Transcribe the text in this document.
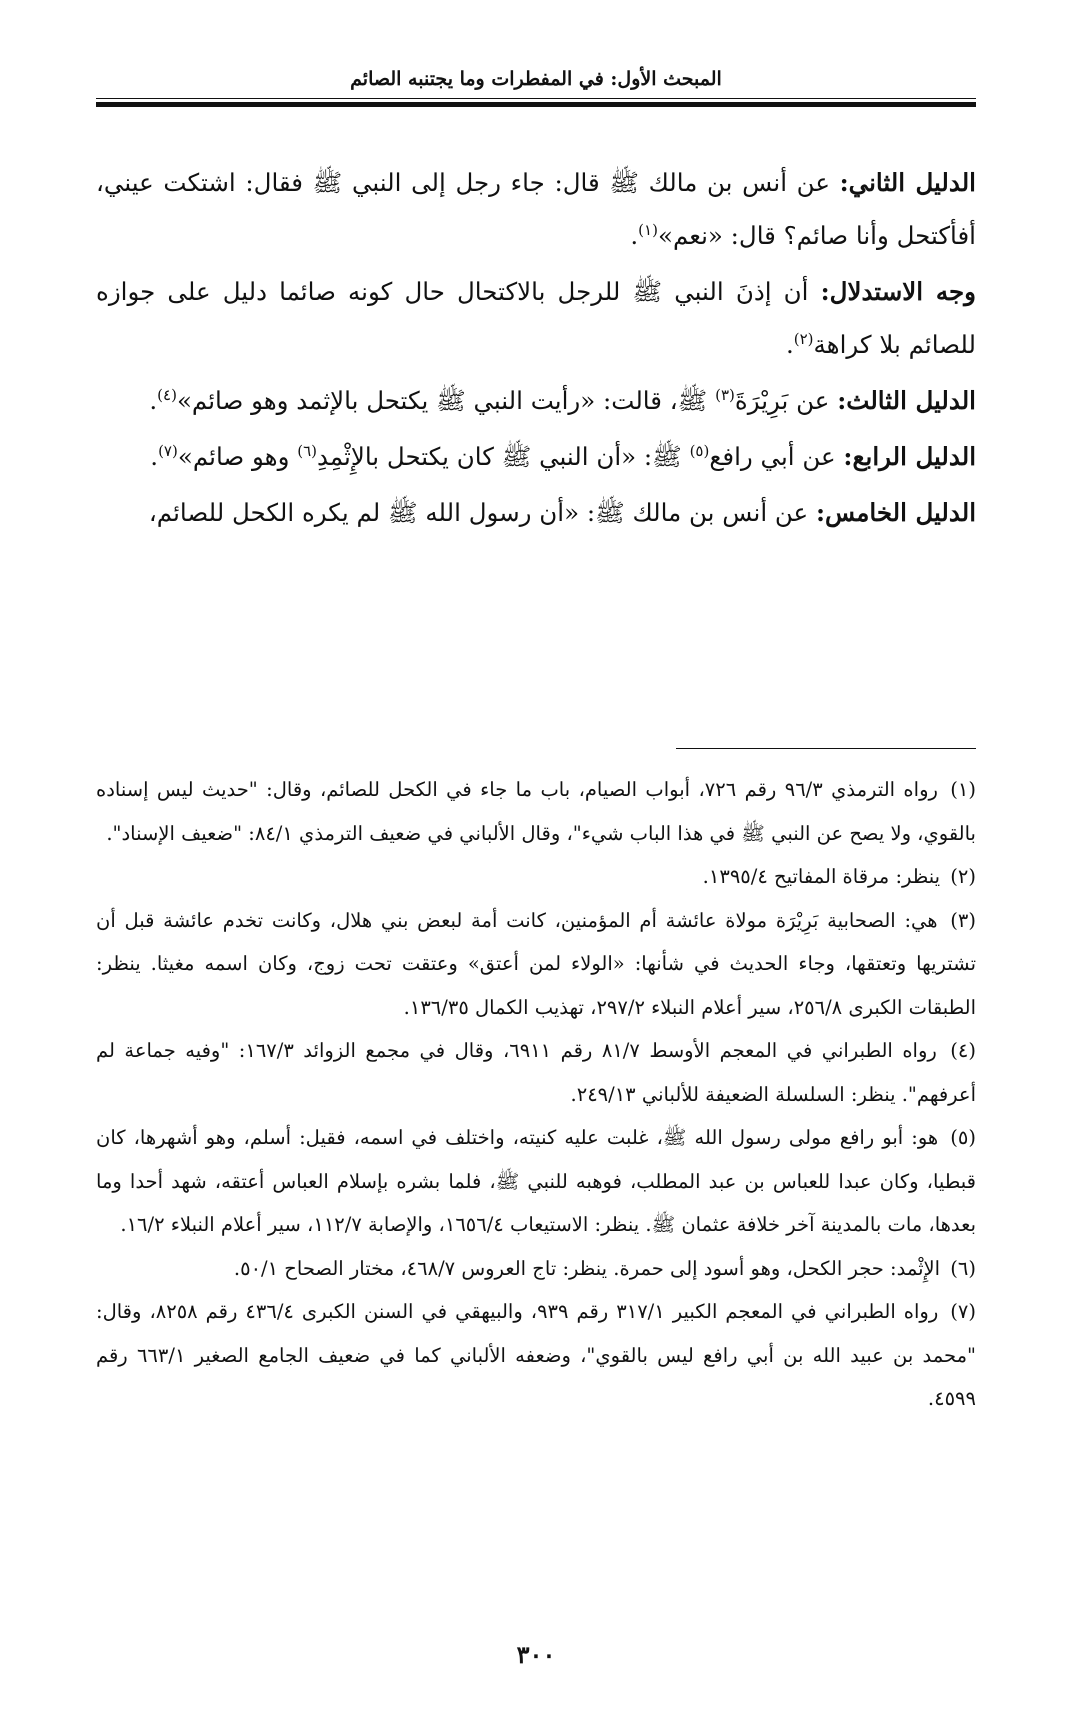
المبحث الأول: في المفطرات وما يجتنبه الصائم

الدليل الثاني: عن أنس بن مالك ﷺ قال: جاء رجل إلى النبي ﷺ فقال: اشتكت عيني، أفأكتحل وأنا صائم؟ قال: «نعم»$^{(١)}$.

وجه الاستدلال: أن إذنَ النبي ﷺ للرجل بالاكتحال حال كونه صائما دليل على جوازه للصائم بلا كراهة$^{(٢)}$.

الدليل الثالث: عن بَرِيْرَةَ$^{(٣)}$ ﷺ، قالت: «رأيت النبي ﷺ يكتحل بالإثمد وهو صائم»$^{(٤)}$.

الدليل الرابع: عن أبي رافع$^{(٥)}$ ﷺ: «أن النبي ﷺ كان يكتحل بالإِثْمِدِ$^{(٦)}$ وهو صائم»$^{(٧)}$.

الدليل الخامس: عن أنس بن مالك ﷺ: «أن رسول الله ﷺ لم يكره الكحل للصائم،

(١) رواه الترمذي ٩٦/٣ رقم ٧٢٦، أبواب الصيام، باب ما جاء في الكحل للصائم، وقال: "حديث ليس إسناده بالقوي، ولا يصح عن النبي ﷺ في هذا الباب شيء"، وقال الألباني في ضعيف الترمذي ٨٤/١: "ضعيف الإسناد".

(٢) ينظر: مرقاة المفاتيح ١٣٩٥/٤.

(٣) هي: الصحابية بَرِيْرَة مولاة عائشة أم المؤمنين، كانت أمة لبعض بني هلال، وكانت تخدم عائشة قبل أن تشتريها وتعتقها، وجاء الحديث في شأنها: «الولاء لمن أعتق» وعتقت تحت زوج، وكان اسمه مغيثا. ينظر: الطبقات الكبرى ٢٥٦/٨، سير أعلام النبلاء ٢٩٧/٢، تهذيب الكمال ١٣٦/٣٥.

(٤) رواه الطبراني في المعجم الأوسط ٨١/٧ رقم ٦٩١١، وقال في مجمع الزوائد ١٦٧/٣: "وفيه جماعة لم أعرفهم". ينظر: السلسلة الضعيفة للألباني ٢٤٩/١٣.

(٥) هو: أبو رافع مولى رسول الله ﷺ، غلبت عليه كنيته، واختلف في اسمه، فقيل: أسلم، وهو أشهرها، كان قبطيا، وكان عبدا للعباس بن عبد المطلب، فوهبه للنبي ﷺ، فلما بشره بإسلام العباس أعتقه، شهد أحدا وما بعدها، مات بالمدينة آخر خلافة عثمان ﷺ. ينظر: الاستيعاب ١٦٥٦/٤، والإصابة ١١٢/٧، سير أعلام النبلاء ١٦/٢.

(٦) الإِثْمد: حجر الكحل، وهو أسود إلى حمرة. ينظر: تاج العروس ٤٦٨/٧، مختار الصحاح ٥٠/١.

(٧) رواه الطبراني في المعجم الكبير ٣١٧/١ رقم ٩٣٩، والبيهقي في السنن الكبرى ٤٣٦/٤ رقم ٨٢٥٨، وقال: "محمد بن عبيد الله بن أبي رافع ليس بالقوي"، وضعفه الألباني كما في ضعيف الجامع الصغير ٦٦٣/١ رقم ٤٥٩٩.

٣٠٠
